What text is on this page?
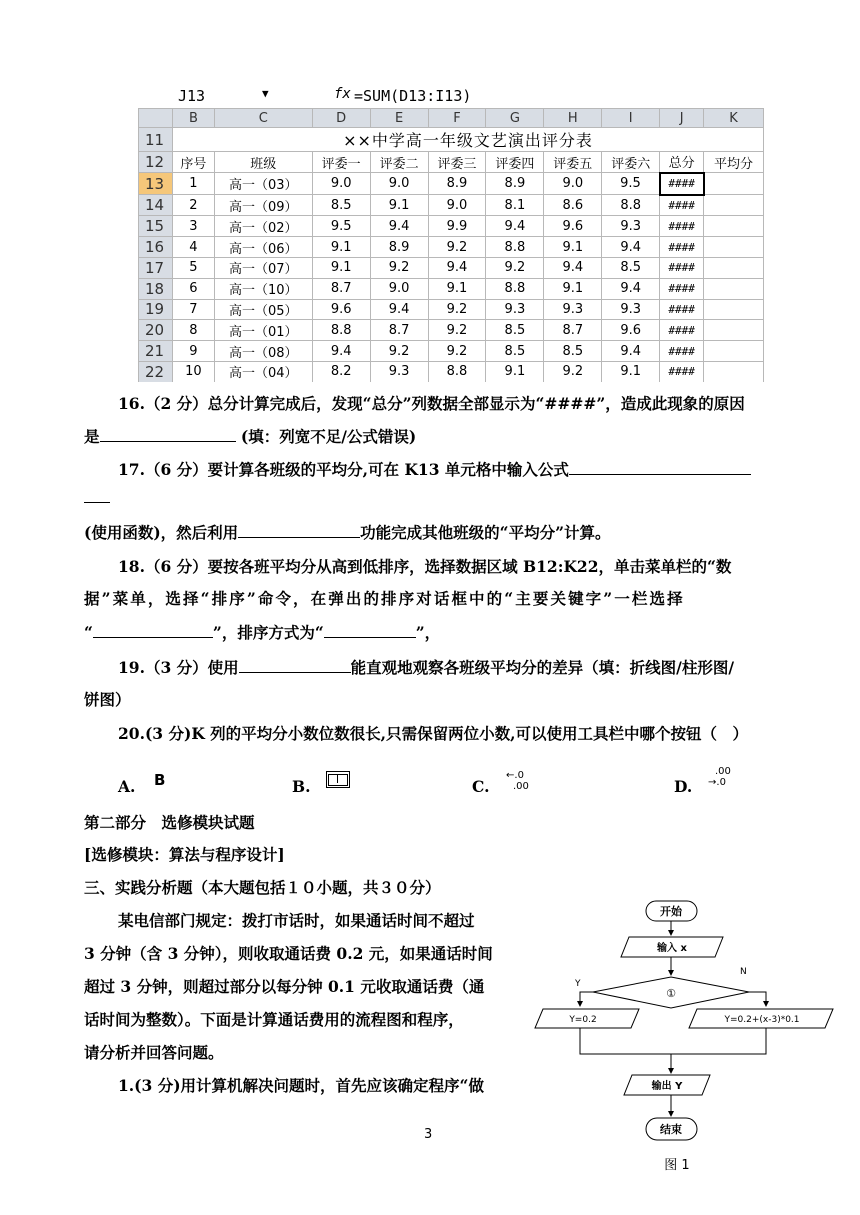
J13	▼	fx =SUM(D13:I13)
	B	C	D	E	F	G	H	I	J	K
11	××中学高一年级文艺演出评分表									
12	序号	班级	评委一	评委二	评委三	评委四	评委五	评委六	总分	平均分
13	1	高一（03）	9.0	9.0	8.9	8.9	9.0	9.5	####	
14	2	高一（09）	8.5	9.1	9.0	8.1	8.6	8.8	####	
15	3	高一（02）	9.5	9.4	9.9	9.4	9.6	9.3	####	
16	4	高一（06）	9.1	8.9	9.2	8.8	9.1	9.4	####	
17	5	高一（07）	9.1	9.2	9.4	9.2	9.4	8.5	####	
18	6	高一（10）	8.7	9.0	9.1	8.8	9.1	9.4	####	
19	7	高一（05）	9.6	9.4	9.2	9.3	9.3	9.3	####	
20	8	高一（01）	8.8	8.7	9.2	8.5	8.7	9.6	####	
21	9	高一（08）	9.4	9.2	9.2	8.5	8.5	9.4	####	
22	10	高一（04）	8.2	9.3	8.8	9.1	9.2	9.1	####	
16.（2 分）总分计算完成后，发现“总分”列数据全部显示为“####”，造成此现象的原因
是	(填：列宽不足/公式错误)
17.（6 分）要计算各班级的平均分,可在 K13 单元格中输入公式
(使用函数)，然后利用	功能完成其他班级的“平均分”计算。
18.（6 分）要按各班平均分从高到低排序，选择数据区域 B12:K22，单击菜单栏的“数
据”菜单，选择“排序”命令，在弹出的排序对话框中的“主要关键字”一栏选择
“	”，排序方式为“	”，
19.（3 分）使用	能直观地观察各班级平均分的差异（填：折线图/柱形图/
饼图）
20.(3 分)K 列的平均分小数位数很长,只需保留两位小数,可以使用工具栏中哪个按钮（　）
A. B	B.	C.
←.0
.00	D.
.00
→.0
第二部分　选修模块试题
[选修模块：算法与程序设计]
三、实践分析题（本大题包括１０小题，共３０分）
某电信部门规定：拨打市话时，如果通话时间不超过
3 分钟（含 3 分钟），则收取通话费 0.2 元，如果通话时间
超过 3 分钟，则超过部分以每分钟 0.1 元收取通话费（通
话时间为整数）。下面是计算通话费用的流程图和程序，
请分析并回答问题。
1.(3 分)用计算机解决问题时，首先应该确定程序“做
3
开始
输入 x
①
Y
N
Y=0.2	Y=0.2+(x-3)*0.1
输出 Y
结束
图 1
